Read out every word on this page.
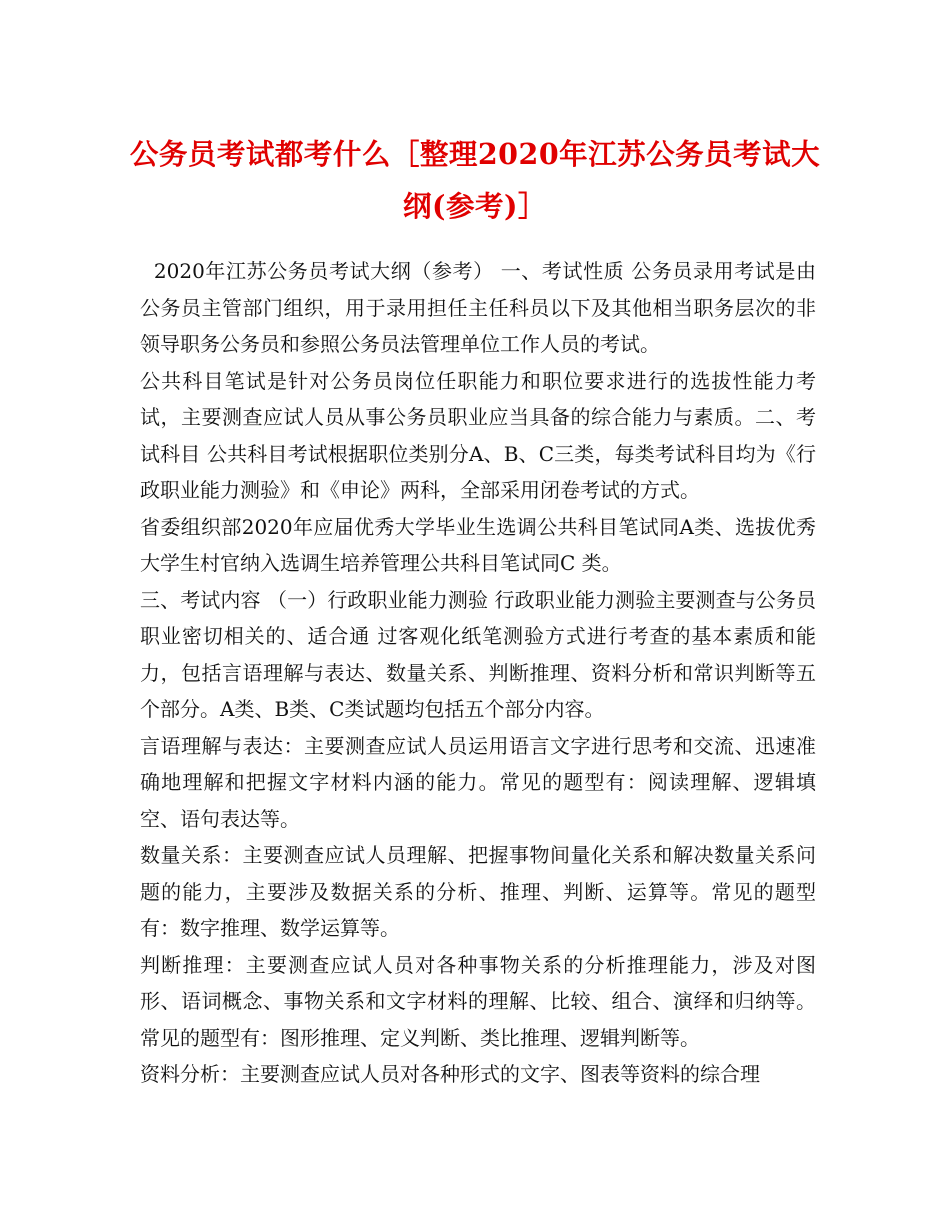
公务员考试都考什么［整理2020年江苏公务员考试大纲(参考)］

2020年江苏公务员考试大纲（参考） 一、考试性质 公务员录用考试是由公务员主管部门组织，用于录用担任主任科员以下及其他相当职务层次的非领导职务公务员和参照公务员法管理单位工作人员的考试。

公共科目笔试是针对公务员岗位任职能力和职位要求进行的选拔性能力考试，主要测查应试人员从事公务员职业应当具备的综合能力与素质。二、考试科目 公共科目考试根据职位类别分A、B、C三类，每类考试科目均为《行政职业能力测验》和《申论》两科，全部采用闭卷考试的方式。

省委组织部2020年应届优秀大学毕业生选调公共科目笔试同A类、选拔优秀大学生村官纳入选调生培养管理公共科目笔试同C 类。

三、考试内容 （一）行政职业能力测验 行政职业能力测验主要测查与公务员职业密切相关的、适合通 过客观化纸笔测验方式进行考查的基本素质和能力，包括言语理解与表达、数量关系、判断推理、资料分析和常识判断等五个部分。A类、B类、C类试题均包括五个部分内容。

言语理解与表达：主要测查应试人员运用语言文字进行思考和交流、迅速准确地理解和把握文字材料内涵的能力。常见的题型有：阅读理解、逻辑填空、语句表达等。

数量关系：主要测查应试人员理解、把握事物间量化关系和解决数量关系问题的能力，主要涉及数据关系的分析、推理、判断、运算等。常见的题型有：数字推理、数学运算等。

判断推理：主要测查应试人员对各种事物关系的分析推理能力，涉及对图形、语词概念、事物关系和文字材料的理解、比较、组合、演绎和归纳等。常见的题型有：图形推理、定义判断、类比推理、逻辑判断等。

资料分析：主要测查应试人员对各种形式的文字、图表等资料的综合理
